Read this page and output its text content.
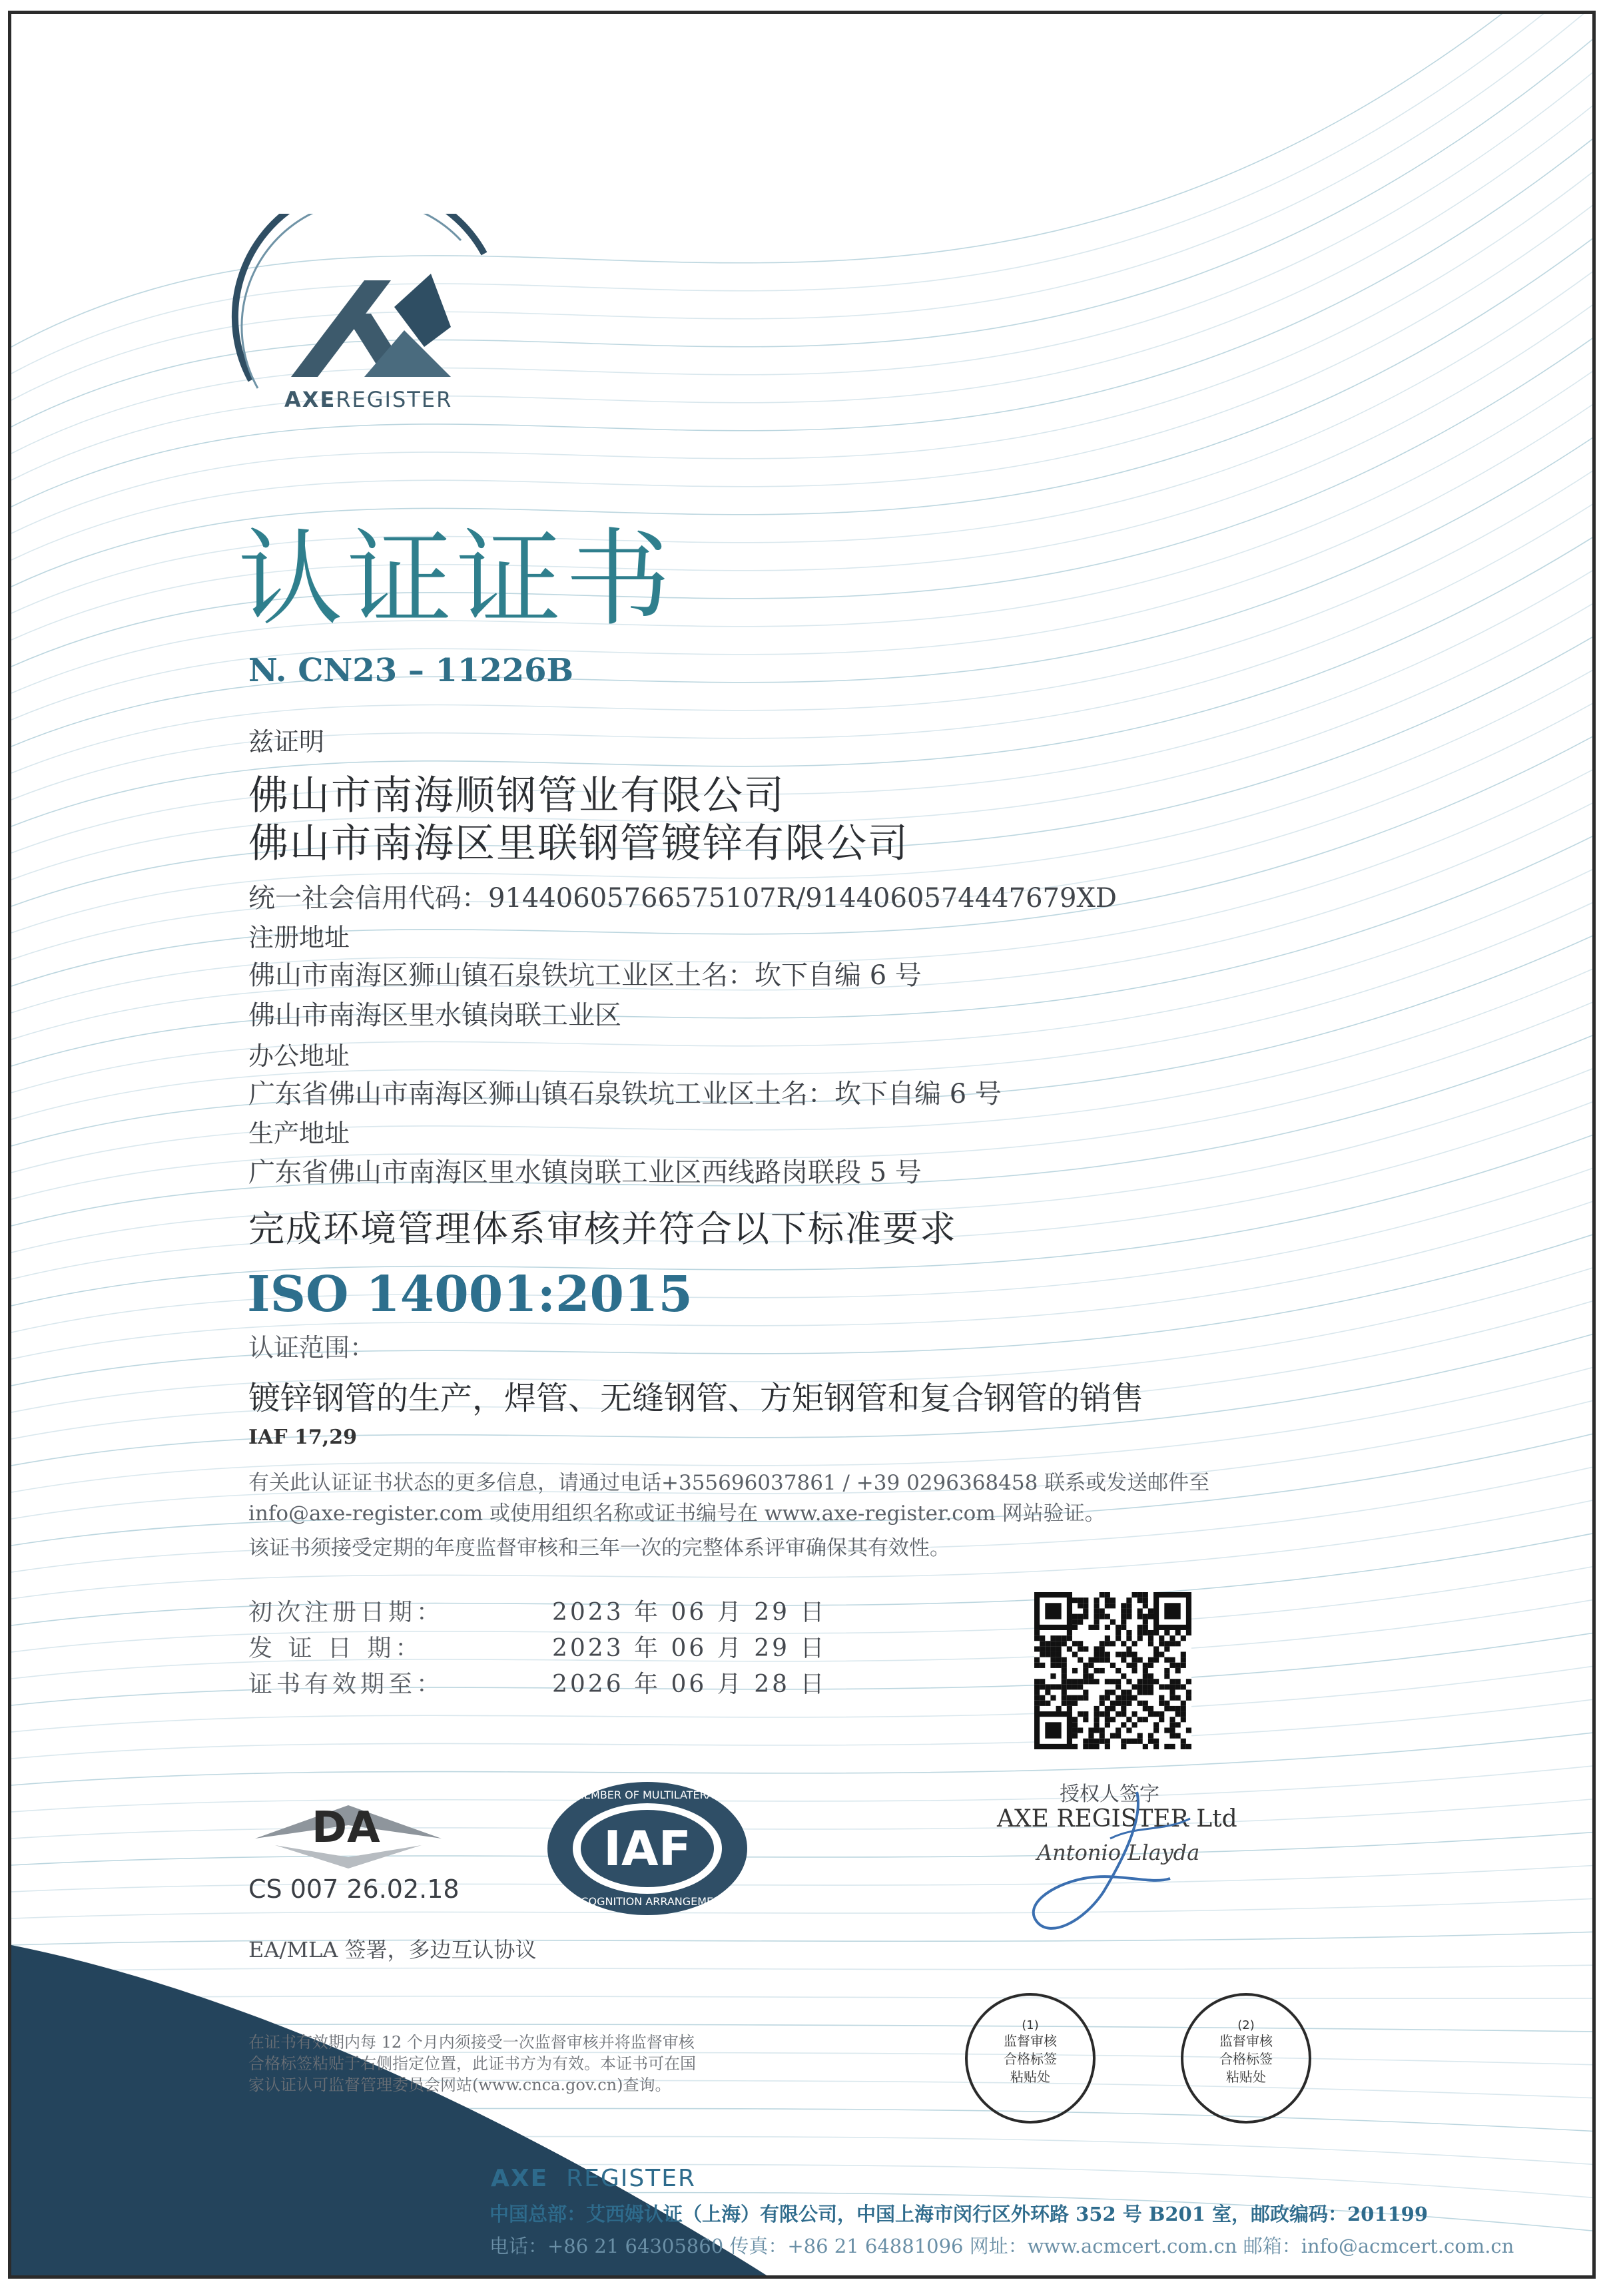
AXEREGISTER
认证证书
N. CN23 – 11226B
兹证明
佛山市南海顺钢管业有限公司
佛山市南海区里联钢管镀锌有限公司
统一社会信用代码：91440605766575107R/9144060574447679XD
注册地址
佛山市南海区狮山镇石泉铁坑工业区土名：坎下自编 6 号
佛山市南海区里水镇岗联工业区
办公地址
广东省佛山市南海区狮山镇石泉铁坑工业区土名：坎下自编 6 号
生产地址
广东省佛山市南海区里水镇岗联工业区西线路岗联段 5 号
完成环境管理体系审核并符合以下标准要求
ISO 14001:2015
认证范围：
镀锌钢管的生产，焊管、无缝钢管、方矩钢管和复合钢管的销售
IAF 17,29
有关此认证证书状态的更多信息，请通过电话+355696037861 / +39 0296368458 联系或发送邮件至
info@axe-register.com 或使用组织名称或证书编号在 www.axe-register.com 网站验证。
该证书须接受定期的年度监督审核和三年一次的完整体系评审确保其有效性。
初次注册日期：	2023 年 06 月 29 日
发 证 日 期：	2023 年 06 月 29 日
证书有效期至：	2026 年 06 月 28 日
授权人签字
AXE REGISTER Ltd
Antonio Llayda
DA
CS 007 26.02.18
IAF
MEMBER OF MULTILATERAL
RECOGNITION ARRANGEMENT
EA/MLA 签署，多边互认协议
在证书有效期内每 12 个月内须接受一次监督审核并将监督审核
合格标签粘贴于右侧指定位置，此证书方为有效。本证书可在国
家认证认可监督管理委员会网站(www.cnca.gov.cn)查询。
(1)
监督审核
合格标签
粘贴处
(2)
监督审核
合格标签
粘贴处
AXE REGISTER
中国总部：艾西姆认证（上海）有限公司，中国上海市闵行区外环路 352 号 B201 室，邮政编码：201199
电话：+86 21 64305860 传真：+86 21 64881096 网址：www.acmcert.com.cn 邮箱：info@acmcert.com.cn
